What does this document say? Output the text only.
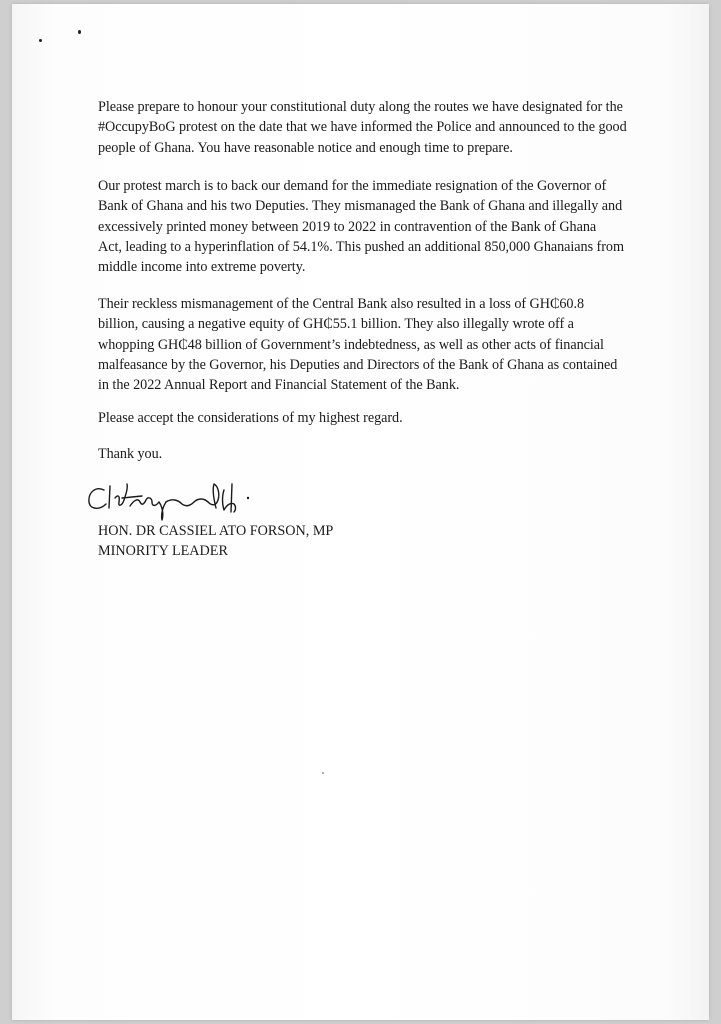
Please prepare to honour your constitutional duty along the routes we have designated for the
#OccupyBoG protest on the date that we have informed the Police and announced to the good
people of Ghana. You have reasonable notice and enough time to prepare.

Our protest march is to back our demand for the immediate resignation of the Governor of
Bank of Ghana and his two Deputies. They mismanaged the Bank of Ghana and illegally and
excessively printed money between 2019 to 2022 in contravention of the Bank of Ghana
Act, leading to a hyperinflation of 54.1%. This pushed an additional 850,000 Ghanaians from
middle income into extreme poverty.

Their reckless mismanagement of the Central Bank also resulted in a loss of GH₵60.8
billion, causing a negative equity of GH₵55.1 billion. They also illegally wrote off a
whopping GH₵48 billion of Government’s indebtedness, as well as other acts of financial
malfeasance by the Governor, his Deputies and Directors of the Bank of Ghana as contained
in the 2022 Annual Report and Financial Statement of the Bank.

Please accept the considerations of my highest regard.

Thank you.

HON. DR CASSIEL ATO FORSON, MP
MINORITY LEADER
